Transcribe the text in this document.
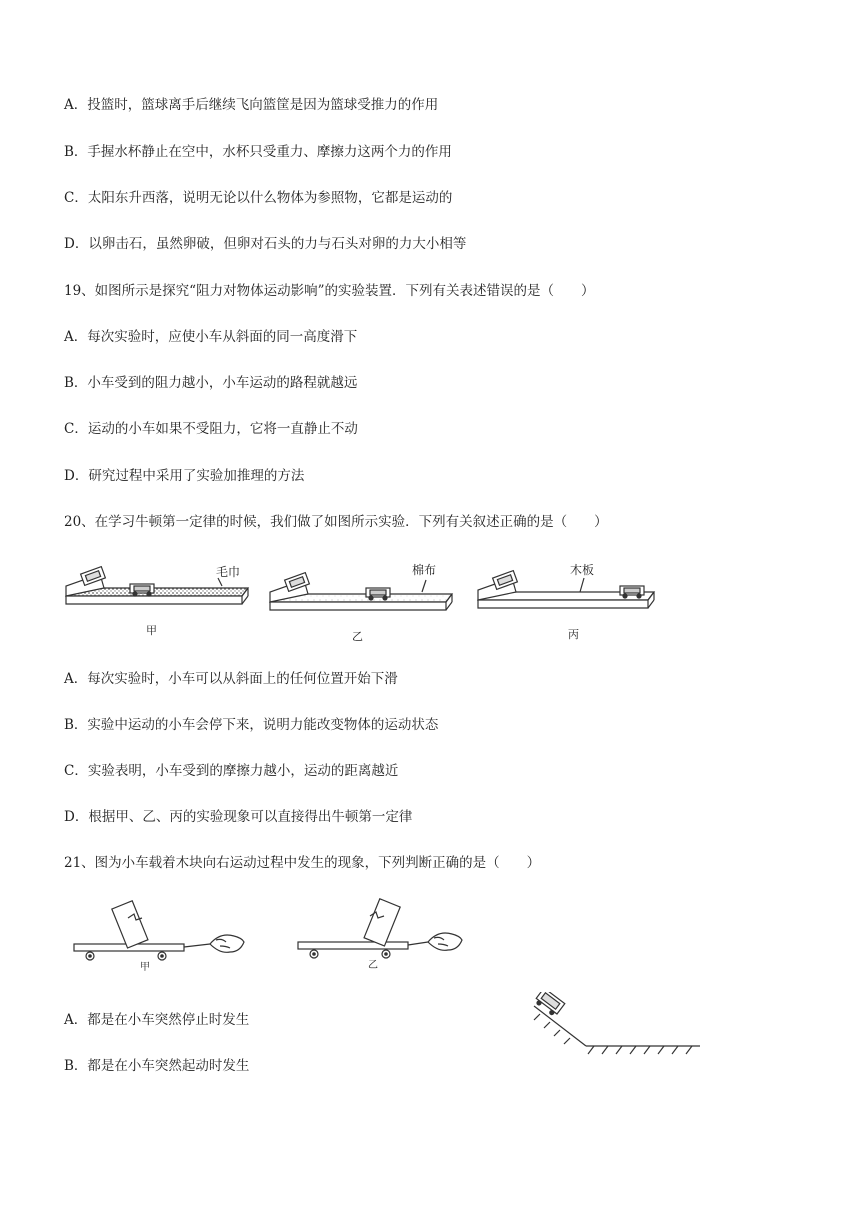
A．投篮时，篮球离手后继续飞向篮筐是因为篮球受推力的作用
B．手握水杯静止在空中，水杯只受重力、摩擦力这两个力的作用
C．太阳东升西落，说明无论以什么物体为参照物，它都是运动的
D．以卵击石，虽然卵破，但卵对石头的力与石头对卵的力大小相等
19、如图所示是探究“阻力对物体运动影响”的实验装置．下列有关表述错误的是（　　）
A．每次实验时，应使小车从斜面的同一高度滑下
B．小车受到的阻力越小，小车运动的路程就越远
C．运动的小车如果不受阻力，它将一直静止不动
D．研究过程中采用了实验加推理的方法
20、在学习牛顿第一定律的时候，我们做了如图所示实验．下列有关叙述正确的是（　　）
毛巾
甲
棉布
乙
木板
丙
A．每次实验时，小车可以从斜面上的任何位置开始下滑
B．实验中运动的小车会停下来，说明力能改变物体的运动状态
C．实验表明，小车受到的摩擦力越小，运动的距离越近
D．根据甲、乙、丙的实验现象可以直接得出牛顿第一定律
21、图为小车载着木块向右运动过程中发生的现象，下列判断正确的是（　　）
甲	乙
A．都是在小车突然停止时发生
B．都是在小车突然起动时发生
